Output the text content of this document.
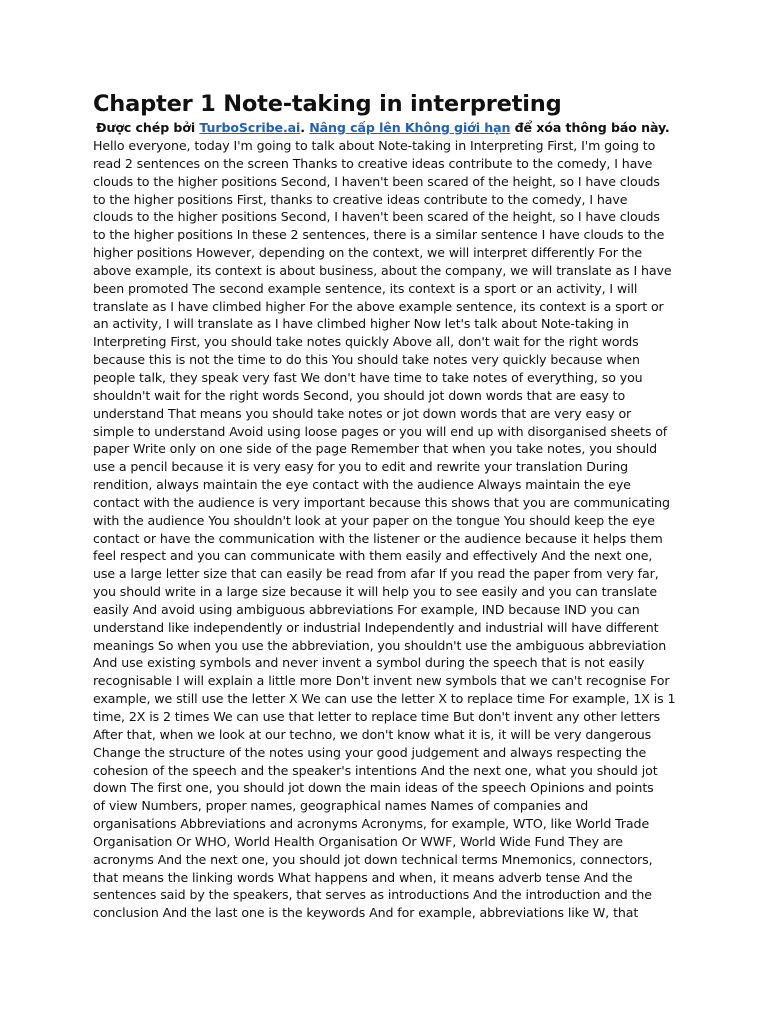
Chapter 1 Note-taking in interpreting
Được chép bởi TurboScribe.ai. Nâng cấp lên Không giới hạn để xóa thông báo này.
Hello everyone, today I'm going to talk about Note-taking in Interpreting First, I'm going to
read 2 sentences on the screen Thanks to creative ideas contribute to the comedy, I have
clouds to the higher positions Second, I haven't been scared of the height, so I have clouds
to the higher positions First, thanks to creative ideas contribute to the comedy, I have
clouds to the higher positions Second, I haven't been scared of the height, so I have clouds
to the higher positions In these 2 sentences, there is a similar sentence I have clouds to the
higher positions However, depending on the context, we will interpret differently For the
above example, its context is about business, about the company, we will translate as I have
been promoted The second example sentence, its context is a sport or an activity, I will
translate as I have climbed higher For the above example sentence, its context is a sport or
an activity, I will translate as I have climbed higher Now let's talk about Note-taking in
Interpreting First, you should take notes quickly Above all, don't wait for the right words
because this is not the time to do this You should take notes very quickly because when
people talk, they speak very fast We don't have time to take notes of everything, so you
shouldn't wait for the right words Second, you should jot down words that are easy to
understand That means you should take notes or jot down words that are very easy or
simple to understand Avoid using loose pages or you will end up with disorganised sheets of
paper Write only on one side of the page Remember that when you take notes, you should
use a pencil because it is very easy for you to edit and rewrite your translation During
rendition, always maintain the eye contact with the audience Always maintain the eye
contact with the audience is very important because this shows that you are communicating
with the audience You shouldn't look at your paper on the tongue You should keep the eye
contact or have the communication with the listener or the audience because it helps them
feel respect and you can communicate with them easily and effectively And the next one,
use a large letter size that can easily be read from afar If you read the paper from very far,
you should write in a large size because it will help you to see easily and you can translate
easily And avoid using ambiguous abbreviations For example, IND because IND you can
understand like independently or industrial Independently and industrial will have different
meanings So when you use the abbreviation, you shouldn't use the ambiguous abbreviation
And use existing symbols and never invent a symbol during the speech that is not easily
recognisable I will explain a little more Don't invent new symbols that we can't recognise For
example, we still use the letter X We can use the letter X to replace time For example, 1X is 1
time, 2X is 2 times We can use that letter to replace time But don't invent any other letters
After that, when we look at our techno, we don't know what it is, it will be very dangerous
Change the structure of the notes using your good judgement and always respecting the
cohesion of the speech and the speaker's intentions And the next one, what you should jot
down The first one, you should jot down the main ideas of the speech Opinions and points
of view Numbers, proper names, geographical names Names of companies and
organisations Abbreviations and acronyms Acronyms, for example, WTO, like World Trade
Organisation Or WHO, World Health Organisation Or WWF, World Wide Fund They are
acronyms And the next one, you should jot down technical terms Mnemonics, connectors,
that means the linking words What happens and when, it means adverb tense And the
sentences said by the speakers, that serves as introductions And the introduction and the
conclusion And the last one is the keywords And for example, abbreviations like W, that
